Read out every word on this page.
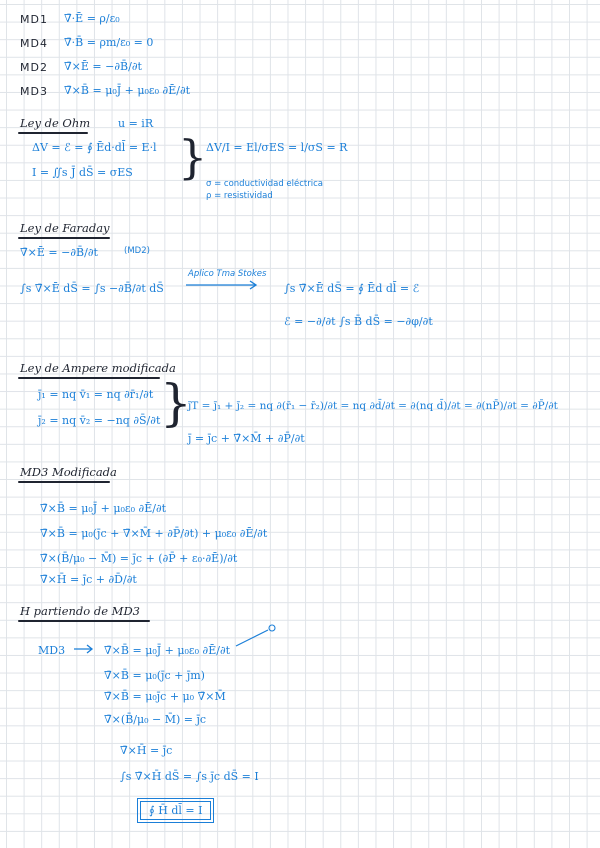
MD1 ∇̄·Ē = ρ/ε₀
MD4 ∇̄·B̄ = ρm/ε₀ = 0
MD2 ∇̄×Ē = −∂B̄/∂t
MD3 ∇̄×B̄ = μ₀J̄ + μ₀ε₀ ∂Ē/∂t
Ley de Ohm	u = iR
ΔV = ℰ = ∮ Ēd·dl̄ = E·l
I = ∬s J̄ dS̄ = σES }
ΔV/I = El/σES = l/σS = R
σ = conductividad eléctrica
ρ = resistividad
Ley de Faraday
∇̄×Ē = −∂B̄/∂t	(MD2)
∫s ∇̄×Ē dS̄ = ∫s −∂B̄/∂t dS̄
Aplico Tma Stokes
∫s ∇̄×Ē dS̄ = ∮ Ēd dl̄ = ℰ
ℰ = −∂/∂t ∫s B̄ dS̄ = −∂φ/∂t
Ley de Ampere modificada
j̄₁ = nq v̄₁ = nq ∂r̄₁/∂t
j̄₂ = nq v̄₂ = −nq ∂S̄/∂t }
j̄T = j̄₁ + j̄₂ = nq ∂(r̄₁ − r̄₂)/∂t = nq ∂d̄/∂t = ∂(nq d̄)/∂t = ∂(nP̄)/∂t = ∂P̄/∂t
j̄ = j̄c + ∇̄×M̄ + ∂P̄/∂t
MD3 Modificada
∇̄×B̄ = μ₀J̄ + μ₀ε₀ ∂Ē/∂t
∇̄×B̄ = μ₀(j̄c + ∇̄×M̄ + ∂P̄/∂t) + μ₀ε₀ ∂Ē/∂t
∇̄×(B̄/μ₀ − M̄) = j̄c + (∂P̄ + ε₀·∂Ē)/∂t
∇̄×H̄ = j̄c + ∂D̄/∂t
H partiendo de MD3
MD3	∇̄×B̄ = μ₀J̄ + μ₀ε₀ ∂Ē/∂t
∇̄×B̄ = μ₀(j̄c + j̄m)
∇̄×B̄ = μ₀j̄c + μ₀ ∇̄×M̄
∇̄×(B̄/μ₀ − M̄) = j̄c
∇̄×H̄ = j̄c
∫s ∇̄×H̄ dS̄ = ∫s j̄c dS̄ = I
∮ H̄ dl̄ = I
